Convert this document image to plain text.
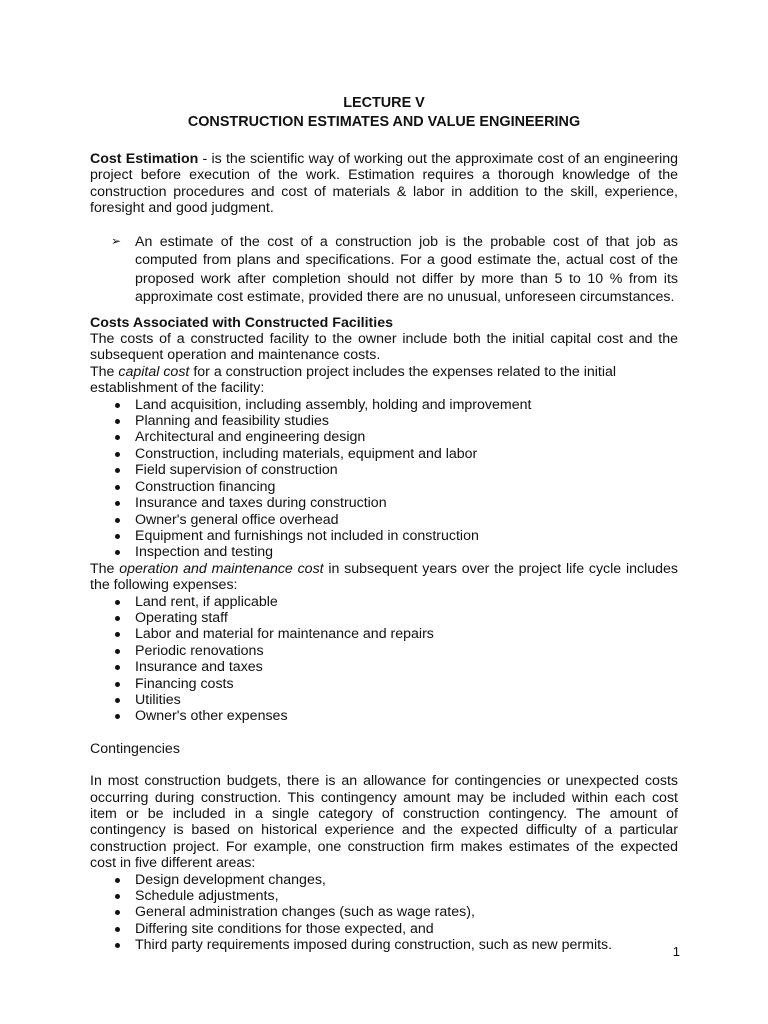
LECTURE V

CONSTRUCTION ESTIMATES AND VALUE ENGINEERING

Cost Estimation - is the scientific way of working out the approximate cost of an engineering project before execution of the work. Estimation requires a thorough knowledge of the construction procedures and cost of materials & labor in addition to the skill, experience, foresight and good judgment.

➢ An estimate of the cost of a construction job is the probable cost of that job as computed from plans and specifications. For a good estimate the, actual cost of the proposed work after completion should not differ by more than 5 to 10 % from its approximate cost estimate, provided there are no unusual, unforeseen circumstances.

Costs Associated with Constructed Facilities

The costs of a constructed facility to the owner include both the initial capital cost and the subsequent operation and maintenance costs.

The capital cost for a construction project includes the expenses related to the initial establishment of the facility:

Land acquisition, including assembly, holding and improvement
Planning and feasibility studies
Architectural and engineering design
Construction, including materials, equipment and labor
Field supervision of construction
Construction financing
Insurance and taxes during construction
Owner's general office overhead
Equipment and furnishings not included in construction
Inspection and testing

The operation and maintenance cost in subsequent years over the project life cycle includes the following expenses:

Land rent, if applicable
Operating staff
Labor and material for maintenance and repairs
Periodic renovations
Insurance and taxes
Financing costs
Utilities
Owner's other expenses

Contingencies

In most construction budgets, there is an allowance for contingencies or unexpected costs occurring during construction. This contingency amount may be included within each cost item or be included in a single category of construction contingency. The amount of contingency is based on historical experience and the expected difficulty of a particular construction project. For example, one construction firm makes estimates of the expected cost in five different areas:

Design development changes,
Schedule adjustments,
General administration changes (such as wage rates),
Differing site conditions for those expected, and
Third party requirements imposed during construction, such as new permits.	1
